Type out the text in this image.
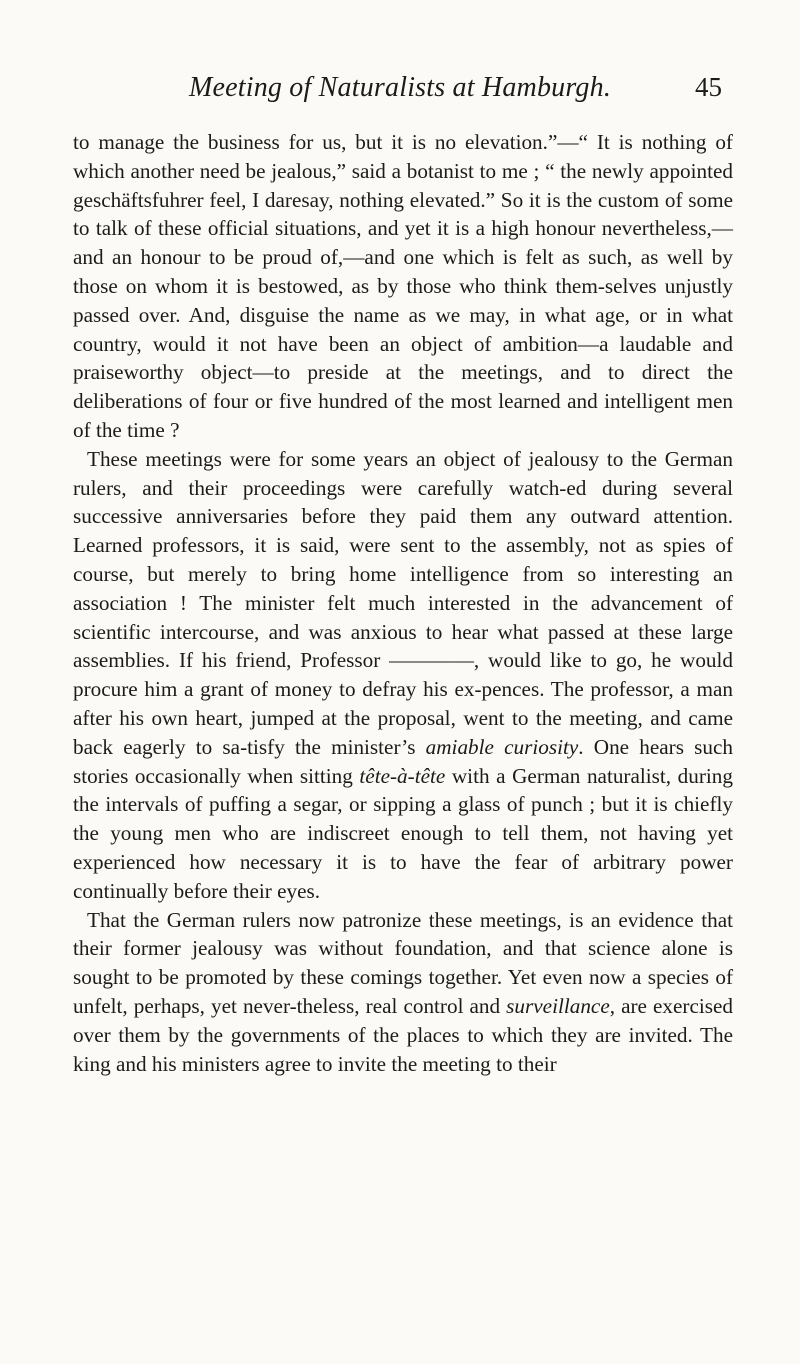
Meeting of Naturalists at Hamburgh.	45

to manage the business for us, but it is no elevation.”—“ It is nothing of which another need be jealous,” said a botanist to me ; “ the newly appointed geschäftsfuhrer feel, I daresay, nothing elevated.” So it is the custom of some to talk of these official situations, and yet it is a high honour nevertheless,—and an honour to be proud of,—and one which is felt as such, as well by those on whom it is bestowed, as by those who think them-selves unjustly passed over. And, disguise the name as we may, in what age, or in what country, would it not have been an object of ambition—a laudable and praiseworthy object—to preside at the meetings, and to direct the deliberations of four or five hundred of the most learned and intelligent men of the time ?

These meetings were for some years an object of jealousy to the German rulers, and their proceedings were carefully watch-ed during several successive anniversaries before they paid them any outward attention. Learned professors, it is said, were sent to the assembly, not as spies of course, but merely to bring home intelligence from so interesting an association ! The minister felt much interested in the advancement of scientific intercourse, and was anxious to hear what passed at these large assemblies. If his friend, Professor ————, would like to go, he would procure him a grant of money to defray his ex-pences. The professor, a man after his own heart, jumped at the proposal, went to the meeting, and came back eagerly to sa-tisfy the minister’s amiable curiosity. One hears such stories occasionally when sitting tête-à-tête with a German naturalist, during the intervals of puffing a segar, or sipping a glass of punch ; but it is chiefly the young men who are indiscreet enough to tell them, not having yet experienced how necessary it is to have the fear of arbitrary power continually before their eyes.

That the German rulers now patronize these meetings, is an evidence that their former jealousy was without foundation, and that science alone is sought to be promoted by these comings together. Yet even now a species of unfelt, perhaps, yet never-theless, real control and surveillance, are exercised over them by the governments of the places to which they are invited. The king and his ministers agree to invite the meeting to their
